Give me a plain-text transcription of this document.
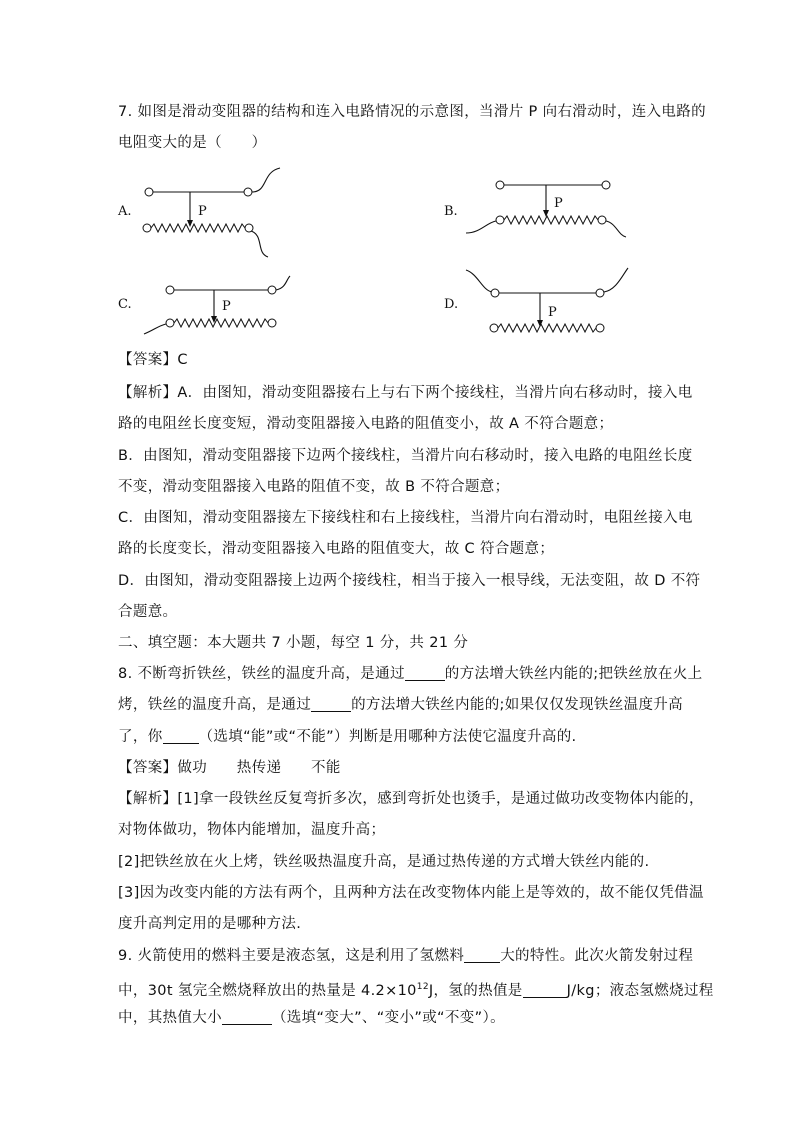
7. 如图是滑动变阻器的结构和连入电路情况的示意图，当滑片 P 向右滑动时，连入电路的
电阻变大的是（　　）
A.	B.
C.	D.
P
P
P	P
【答案】C
【解析】A．由图知，滑动变阻器接右上与右下两个接线柱，当滑片向右移动时，接入电
路的电阻丝长度变短，滑动变阻器接入电路的阻值变小，故 A 不符合题意；
B．由图知，滑动变阻器接下边两个接线柱，当滑片向右移动时，接入电路的电阻丝长度
不变，滑动变阻器接入电路的阻值不变，故 B 不符合题意；
C．由图知，滑动变阻器接左下接线柱和右上接线柱，当滑片向右滑动时，电阻丝接入电
路的长度变长，滑动变阻器接入电路的阻值变大，故 C 符合题意；
D．由图知，滑动变阻器接上边两个接线柱，相当于接入一根导线，无法变阻，故 D 不符
合题意。
二、填空题：本大题共 7 小题，每空 1 分，共 21 分
8. 不断弯折铁丝，铁丝的温度升高，是通过	的方法增大铁丝内能的;把铁丝放在火上
烤，铁丝的温度升高，是通过	的方法增大铁丝内能的;如果仅仅发现铁丝温度升高
了，你 （选填“能”或“不能”）判断是用哪种方法使它温度升高的.
【答案】做功　　热传递　　不能
【解析】[1]拿一段铁丝反复弯折多次，感到弯折处也烫手，是通过做功改变物体内能的，
对物体做功，物体内能增加，温度升高；
[2]把铁丝放在火上烤，铁丝吸热温度升高，是通过热传递的方式增大铁丝内能的.
[3]因为改变内能的方法有两个，且两种方法在改变物体内能上是等效的，故不能仅凭借温
度升高判定用的是哪种方法.
9. 火箭使用的燃料主要是液态氢，这是利用了氢燃料 大的特性。此次火箭发射过程
中，30t 氢完全燃烧释放出的热量是 $4.2\times 10^{12}J$，氢的热值是	J/kg；液态氢燃烧过程
中，其热值大小	（选填“变大”、“变小”或“不变”）。
